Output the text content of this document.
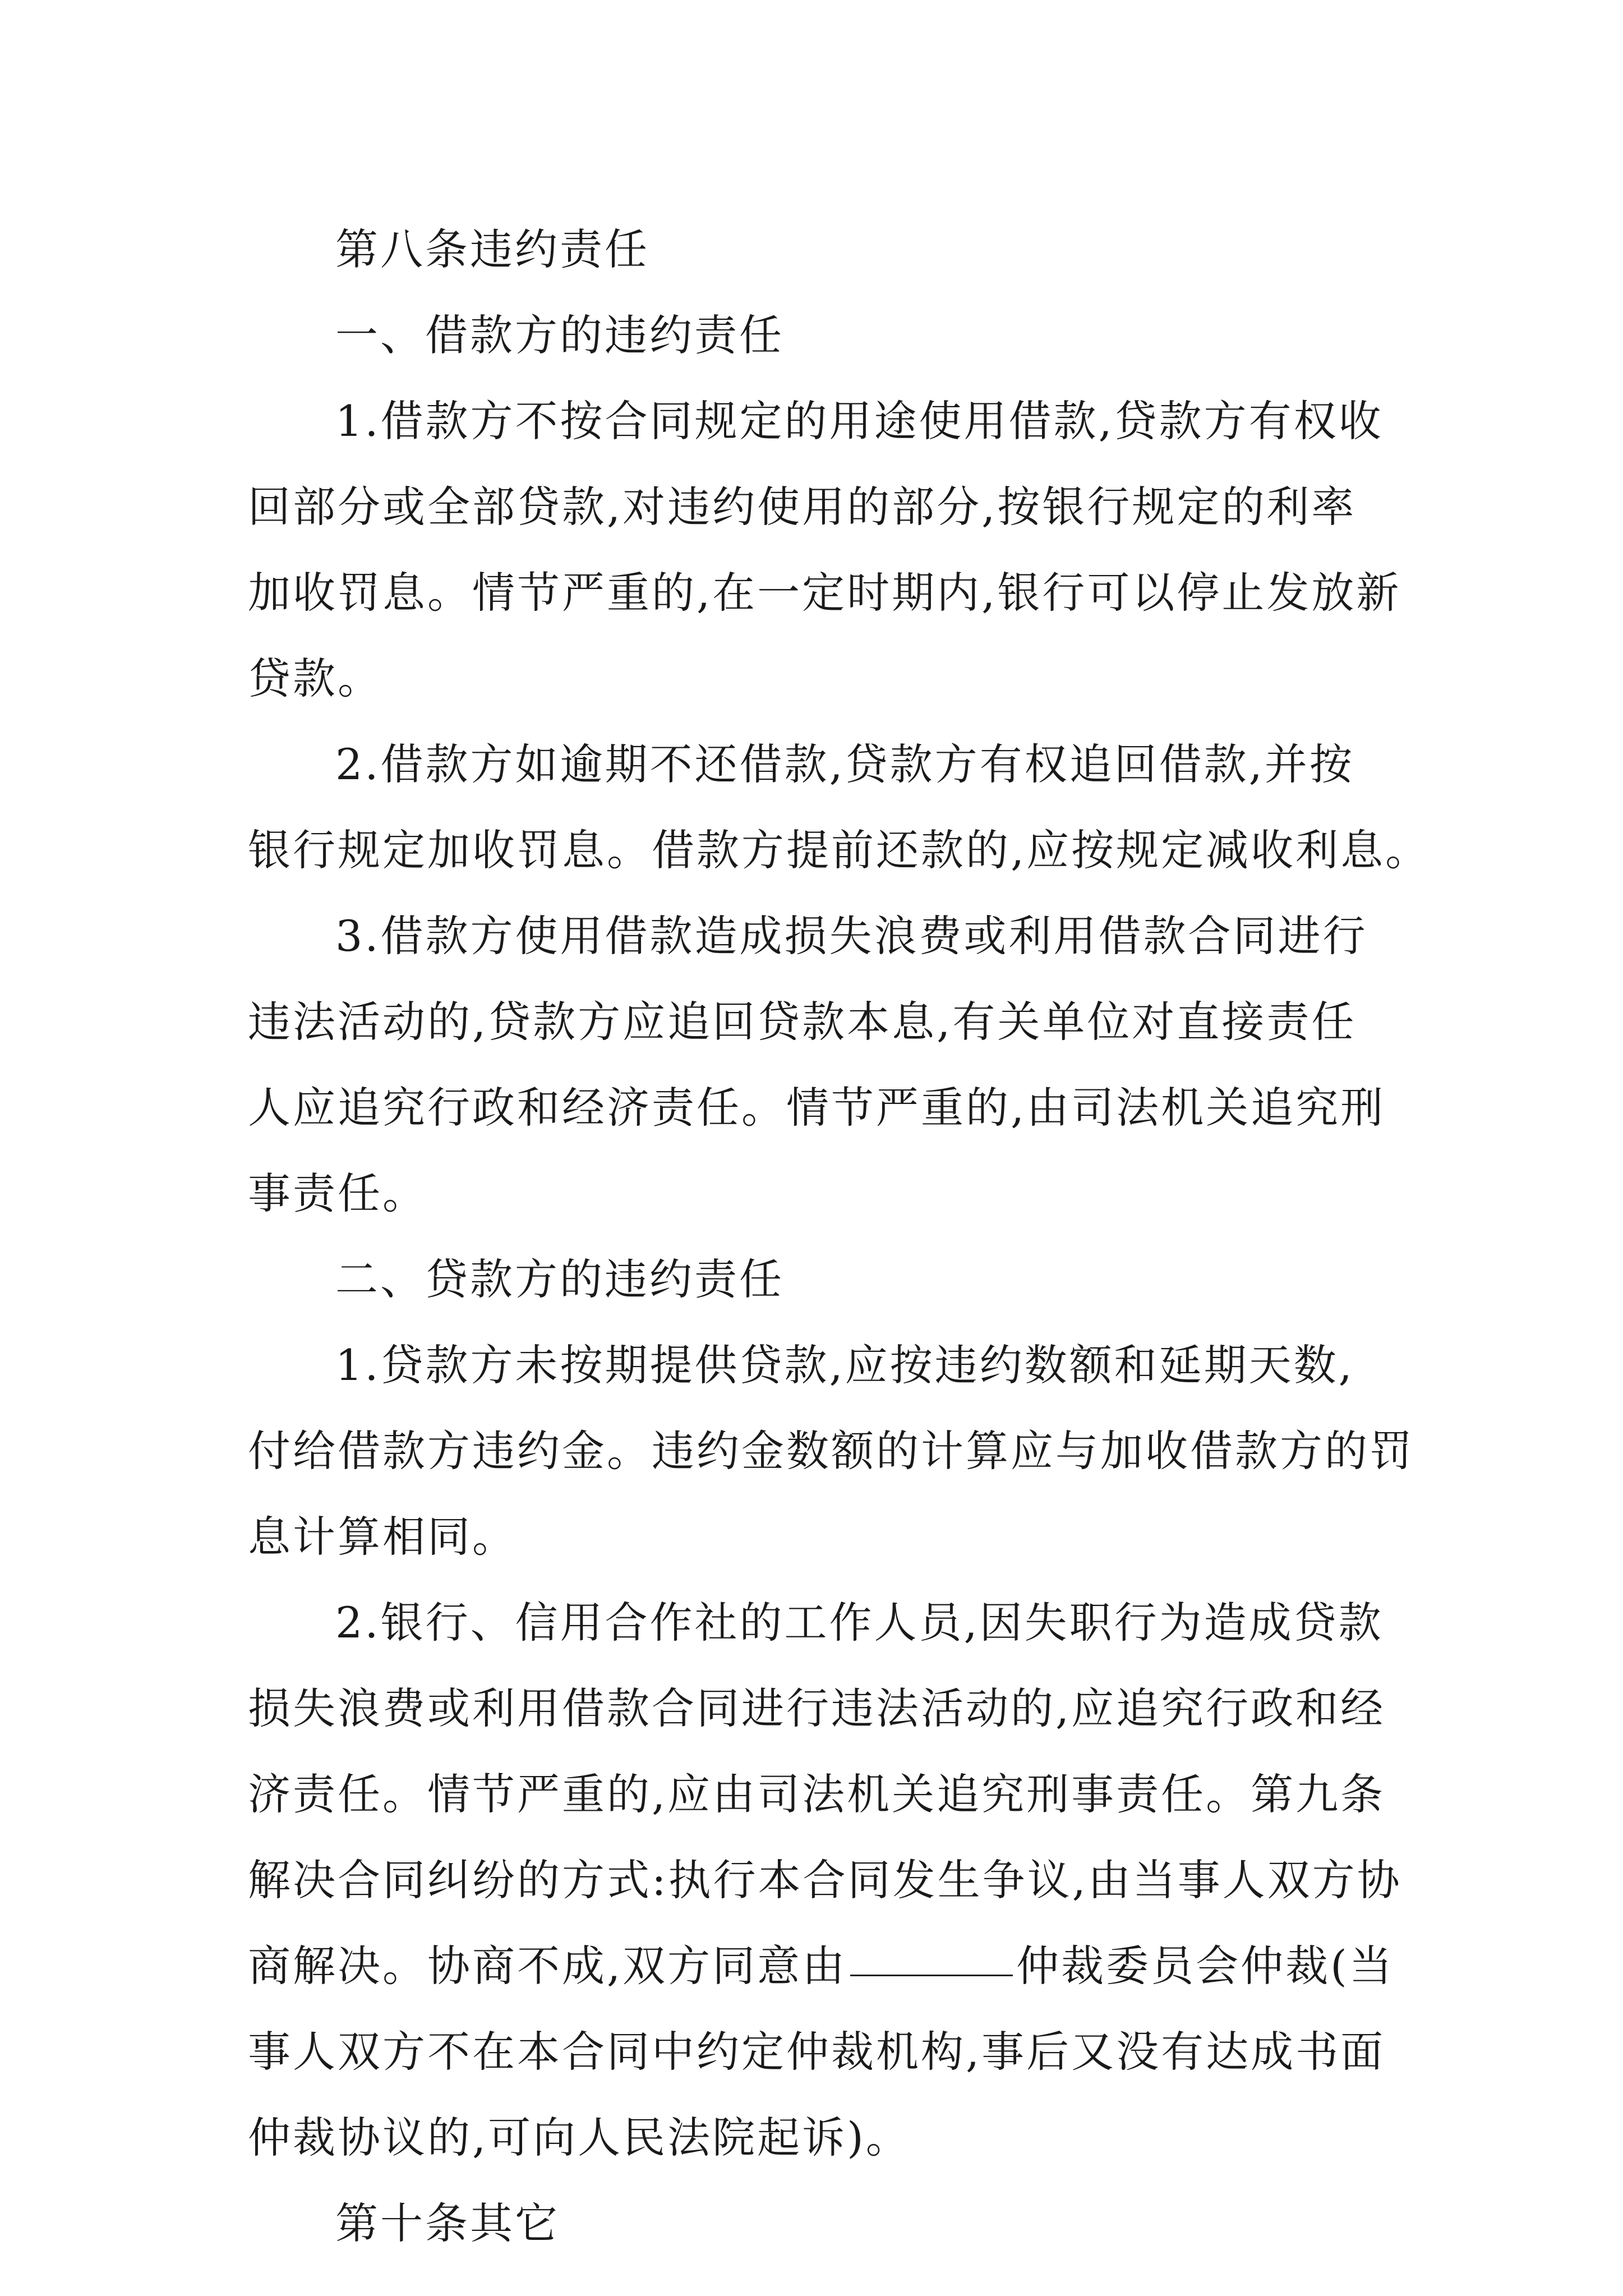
第八条违约责任
一、借款方的违约责任
1.借款方不按合同规定的用途使用借款,贷款方有权收
回部分或全部贷款,对违约使用的部分,按银行规定的利率
加收罚息。情节严重的,在一定时期内,银行可以停止发放新
贷款。
2.借款方如逾期不还借款,贷款方有权追回借款,并按
银行规定加收罚息。借款方提前还款的,应按规定减收利息。
3.借款方使用借款造成损失浪费或利用借款合同进行
违法活动的,贷款方应追回贷款本息,有关单位对直接责任
人应追究行政和经济责任。情节严重的,由司法机关追究刑
事责任。
二、贷款方的违约责任
1.贷款方未按期提供贷款,应按违约数额和延期天数,
付给借款方违约金。违约金数额的计算应与加收借款方的罚
息计算相同。
2.银行、信用合作社的工作人员,因失职行为造成贷款
损失浪费或利用借款合同进行违法活动的,应追究行政和经
济责任。情节严重的,应由司法机关追究刑事责任。第九条
解决合同纠纷的方式:执行本合同发生争议,由当事人双方协
商解决。协商不成,双方同意由	仲裁委员会仲裁(当
事人双方不在本合同中约定仲裁机构,事后又没有达成书面
仲裁协议的,可向人民法院起诉)。
第十条其它
